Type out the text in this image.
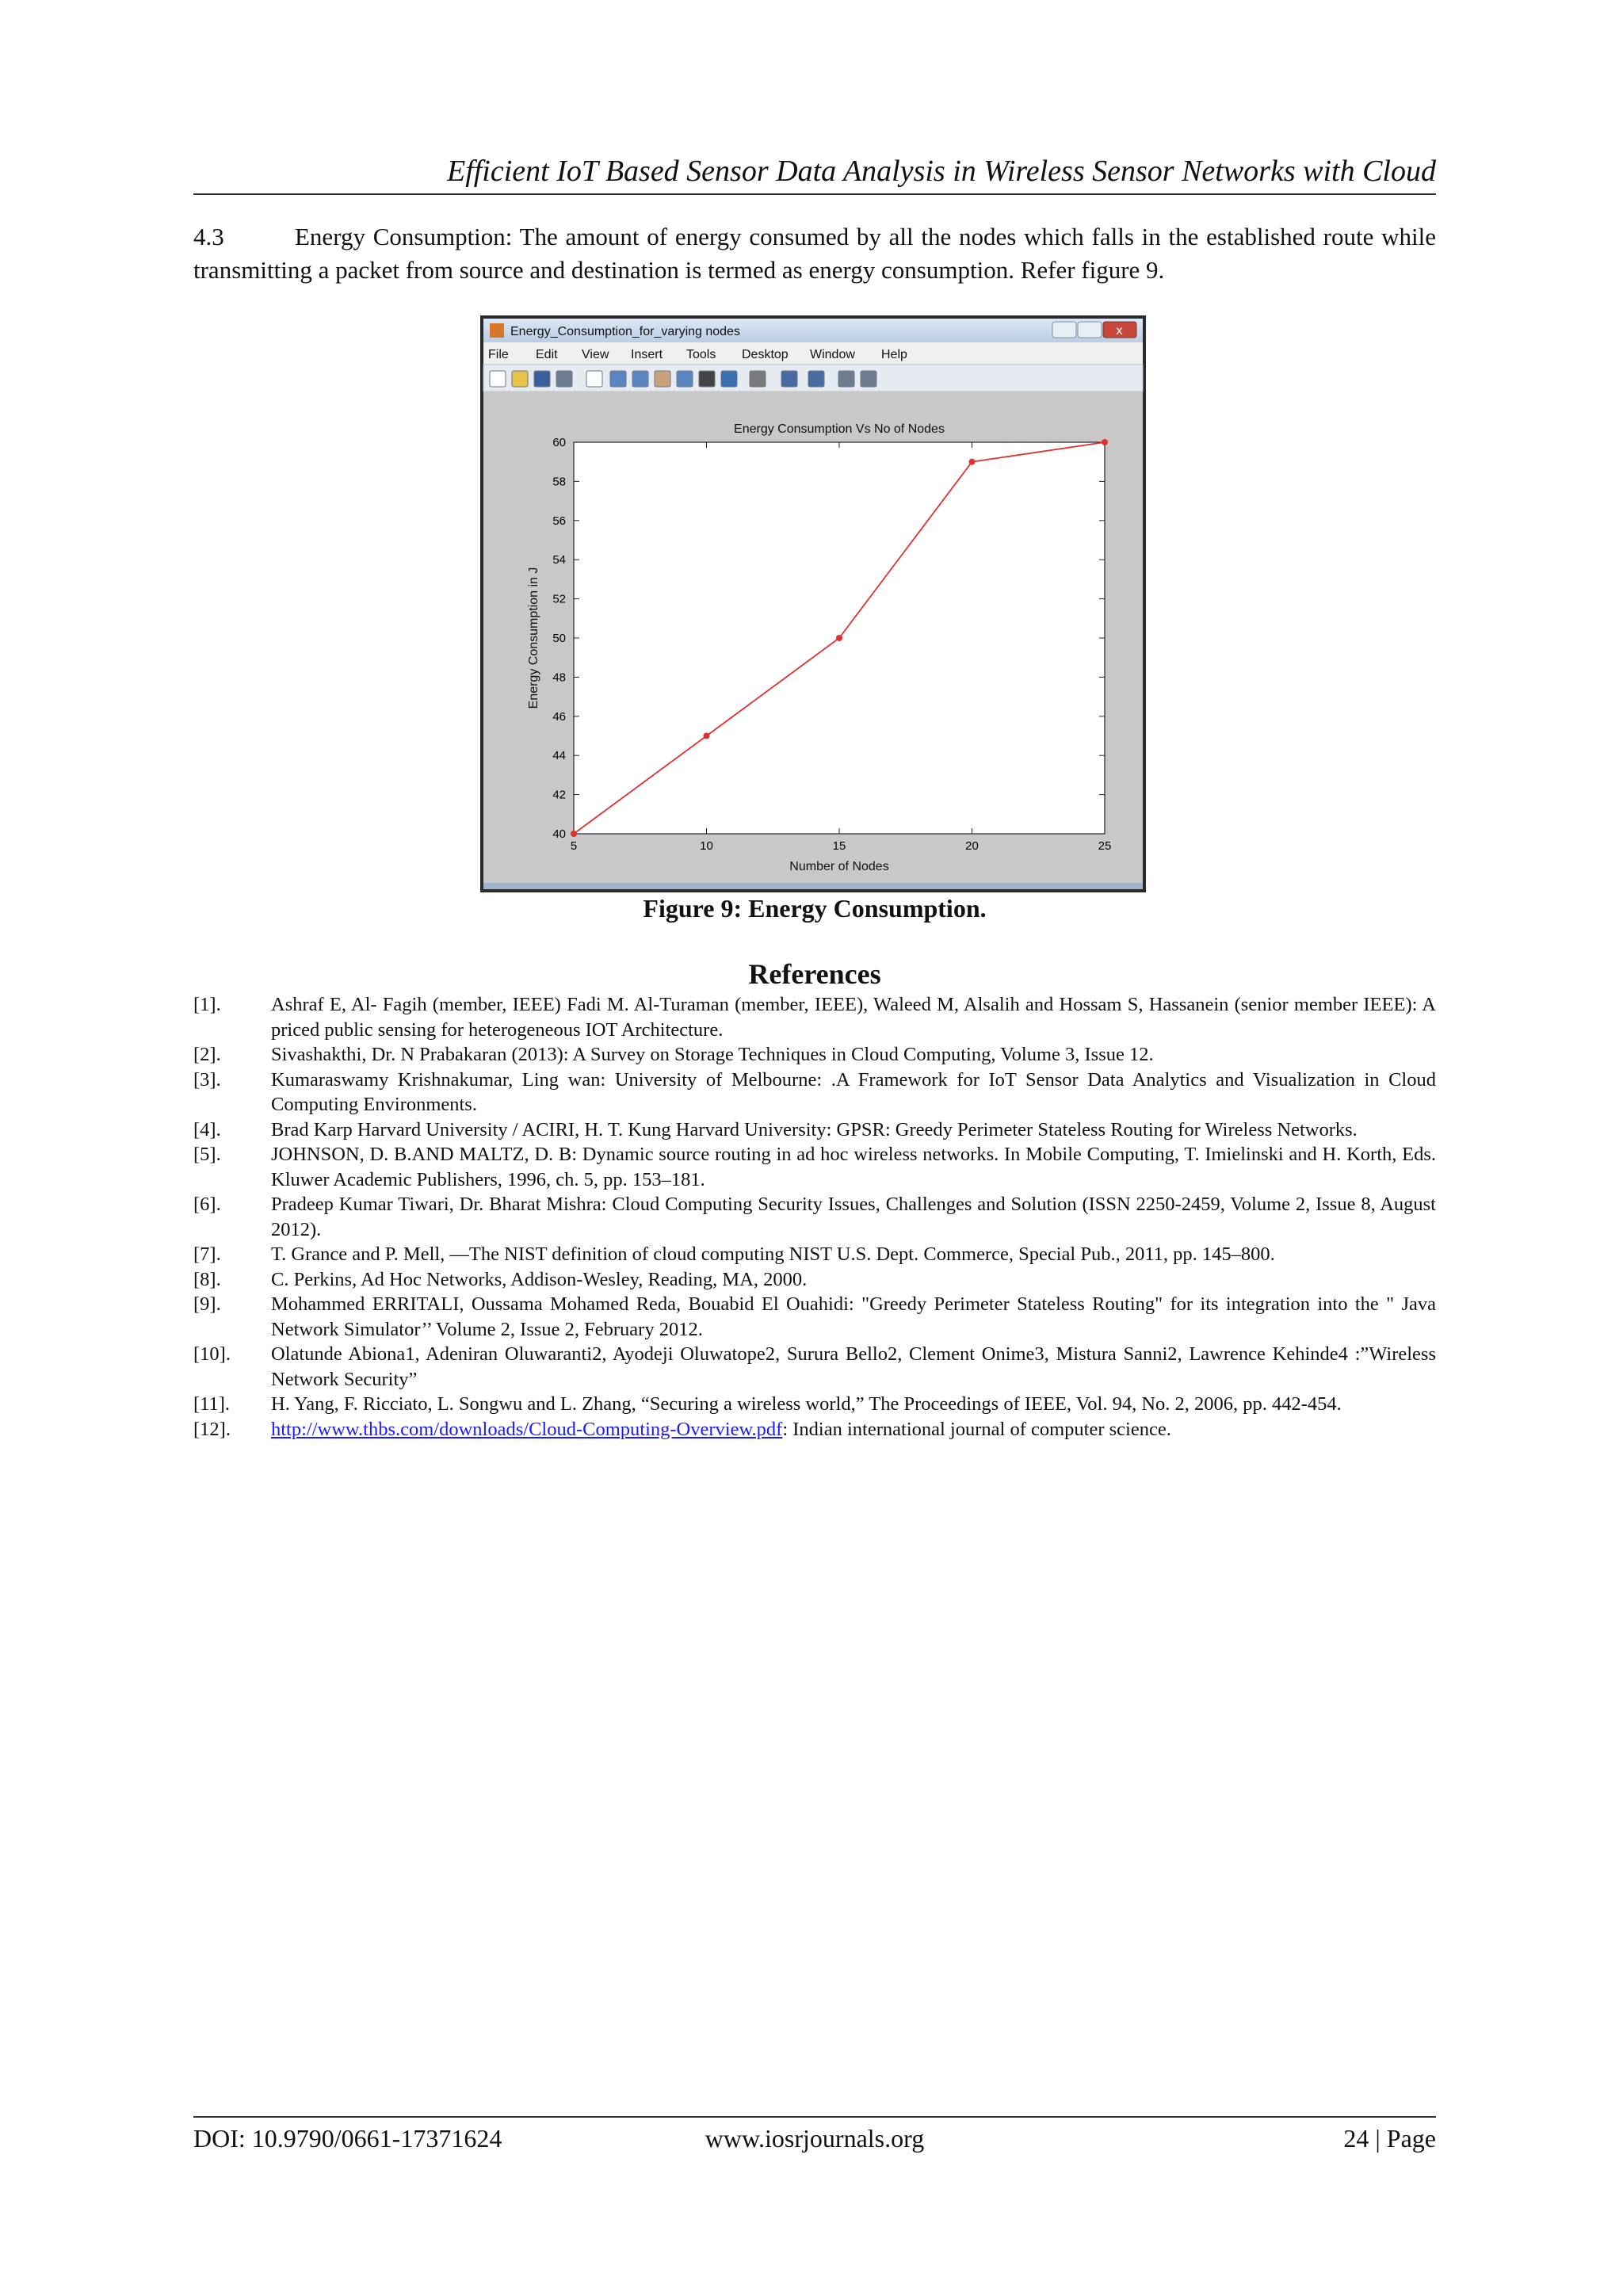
Efficient IoT Based Sensor Data Analysis in Wireless Sensor Networks with Cloud
4.3	Energy Consumption: The amount of energy consumed by all the nodes which falls in the established route while transmitting a packet from source and destination is termed as energy consumption. Refer figure 9.
Energy_Consumption_for_varying nodes	x
File Edit View Insert Tools Desktop Window Help
Energy Consumption Vs No of Nodes
5	10	15	20	25
40
42
44
46
48
50
52
54
56
58
60
Number of Nodes
Energy Consumption in J
Figure 9: Energy Consumption.
References
[1].	Ashraf E, Al- Fagih (member, IEEE) Fadi M. Al-Turaman (member, IEEE), Waleed M, Alsalih and Hossam S, Hassanein (senior member IEEE): A priced public sensing for heterogeneous IOT Architecture.
[2].	Sivashakthi, Dr. N Prabakaran (2013): A Survey on Storage Techniques in Cloud Computing, Volume 3, Issue 12.
[3].	Kumaraswamy Krishnakumar, Ling wan: University of Melbourne: .A Framework for IoT Sensor Data Analytics and Visualization in Cloud Computing Environments.
[4].	Brad Karp Harvard University / ACIRI, H. T. Kung Harvard University: GPSR: Greedy Perimeter Stateless Routing for Wireless Networks.
[5].	JOHNSON, D. B.AND MALTZ, D. B: Dynamic source routing in ad hoc wireless networks. In Mobile Computing, T. Imielinski and H. Korth, Eds. Kluwer Academic Publishers, 1996, ch. 5, pp. 153–181.
[6].	Pradeep Kumar Tiwari, Dr. Bharat Mishra: Cloud Computing Security Issues, Challenges and Solution (ISSN 2250-2459, Volume 2, Issue 8, August 2012).
[7].	T. Grance and P. Mell, ―The NIST definition of cloud computing NIST U.S. Dept. Commerce, Special Pub., 2011, pp. 145–800.
[8].	C. Perkins, Ad Hoc Networks, Addison-Wesley, Reading, MA, 2000.
[9].	Mohammed ERRITALI, Oussama Mohamed Reda, Bouabid El Ouahidi: "Greedy Perimeter Stateless Routing" for its integration into the " Java Network Simulator’’ Volume 2, Issue 2, February 2012.
[10].	Olatunde Abiona1, Adeniran Oluwaranti2, Ayodeji Oluwatope2, Surura Bello2, Clement Onime3, Mistura Sanni2, Lawrence Kehinde4 :”Wireless Network Security”
[11].	H. Yang, F. Ricciato, L. Songwu and L. Zhang, “Securing a wireless world,” The Proceedings of IEEE, Vol. 94, No. 2, 2006, pp. 442-454.
[12].	http://www.thbs.com/downloads/Cloud-Computing-Overview.pdf: Indian international journal of computer science.
DOI: 10.9790/0661-17371624	www.iosrjournals.org	24 | Page
